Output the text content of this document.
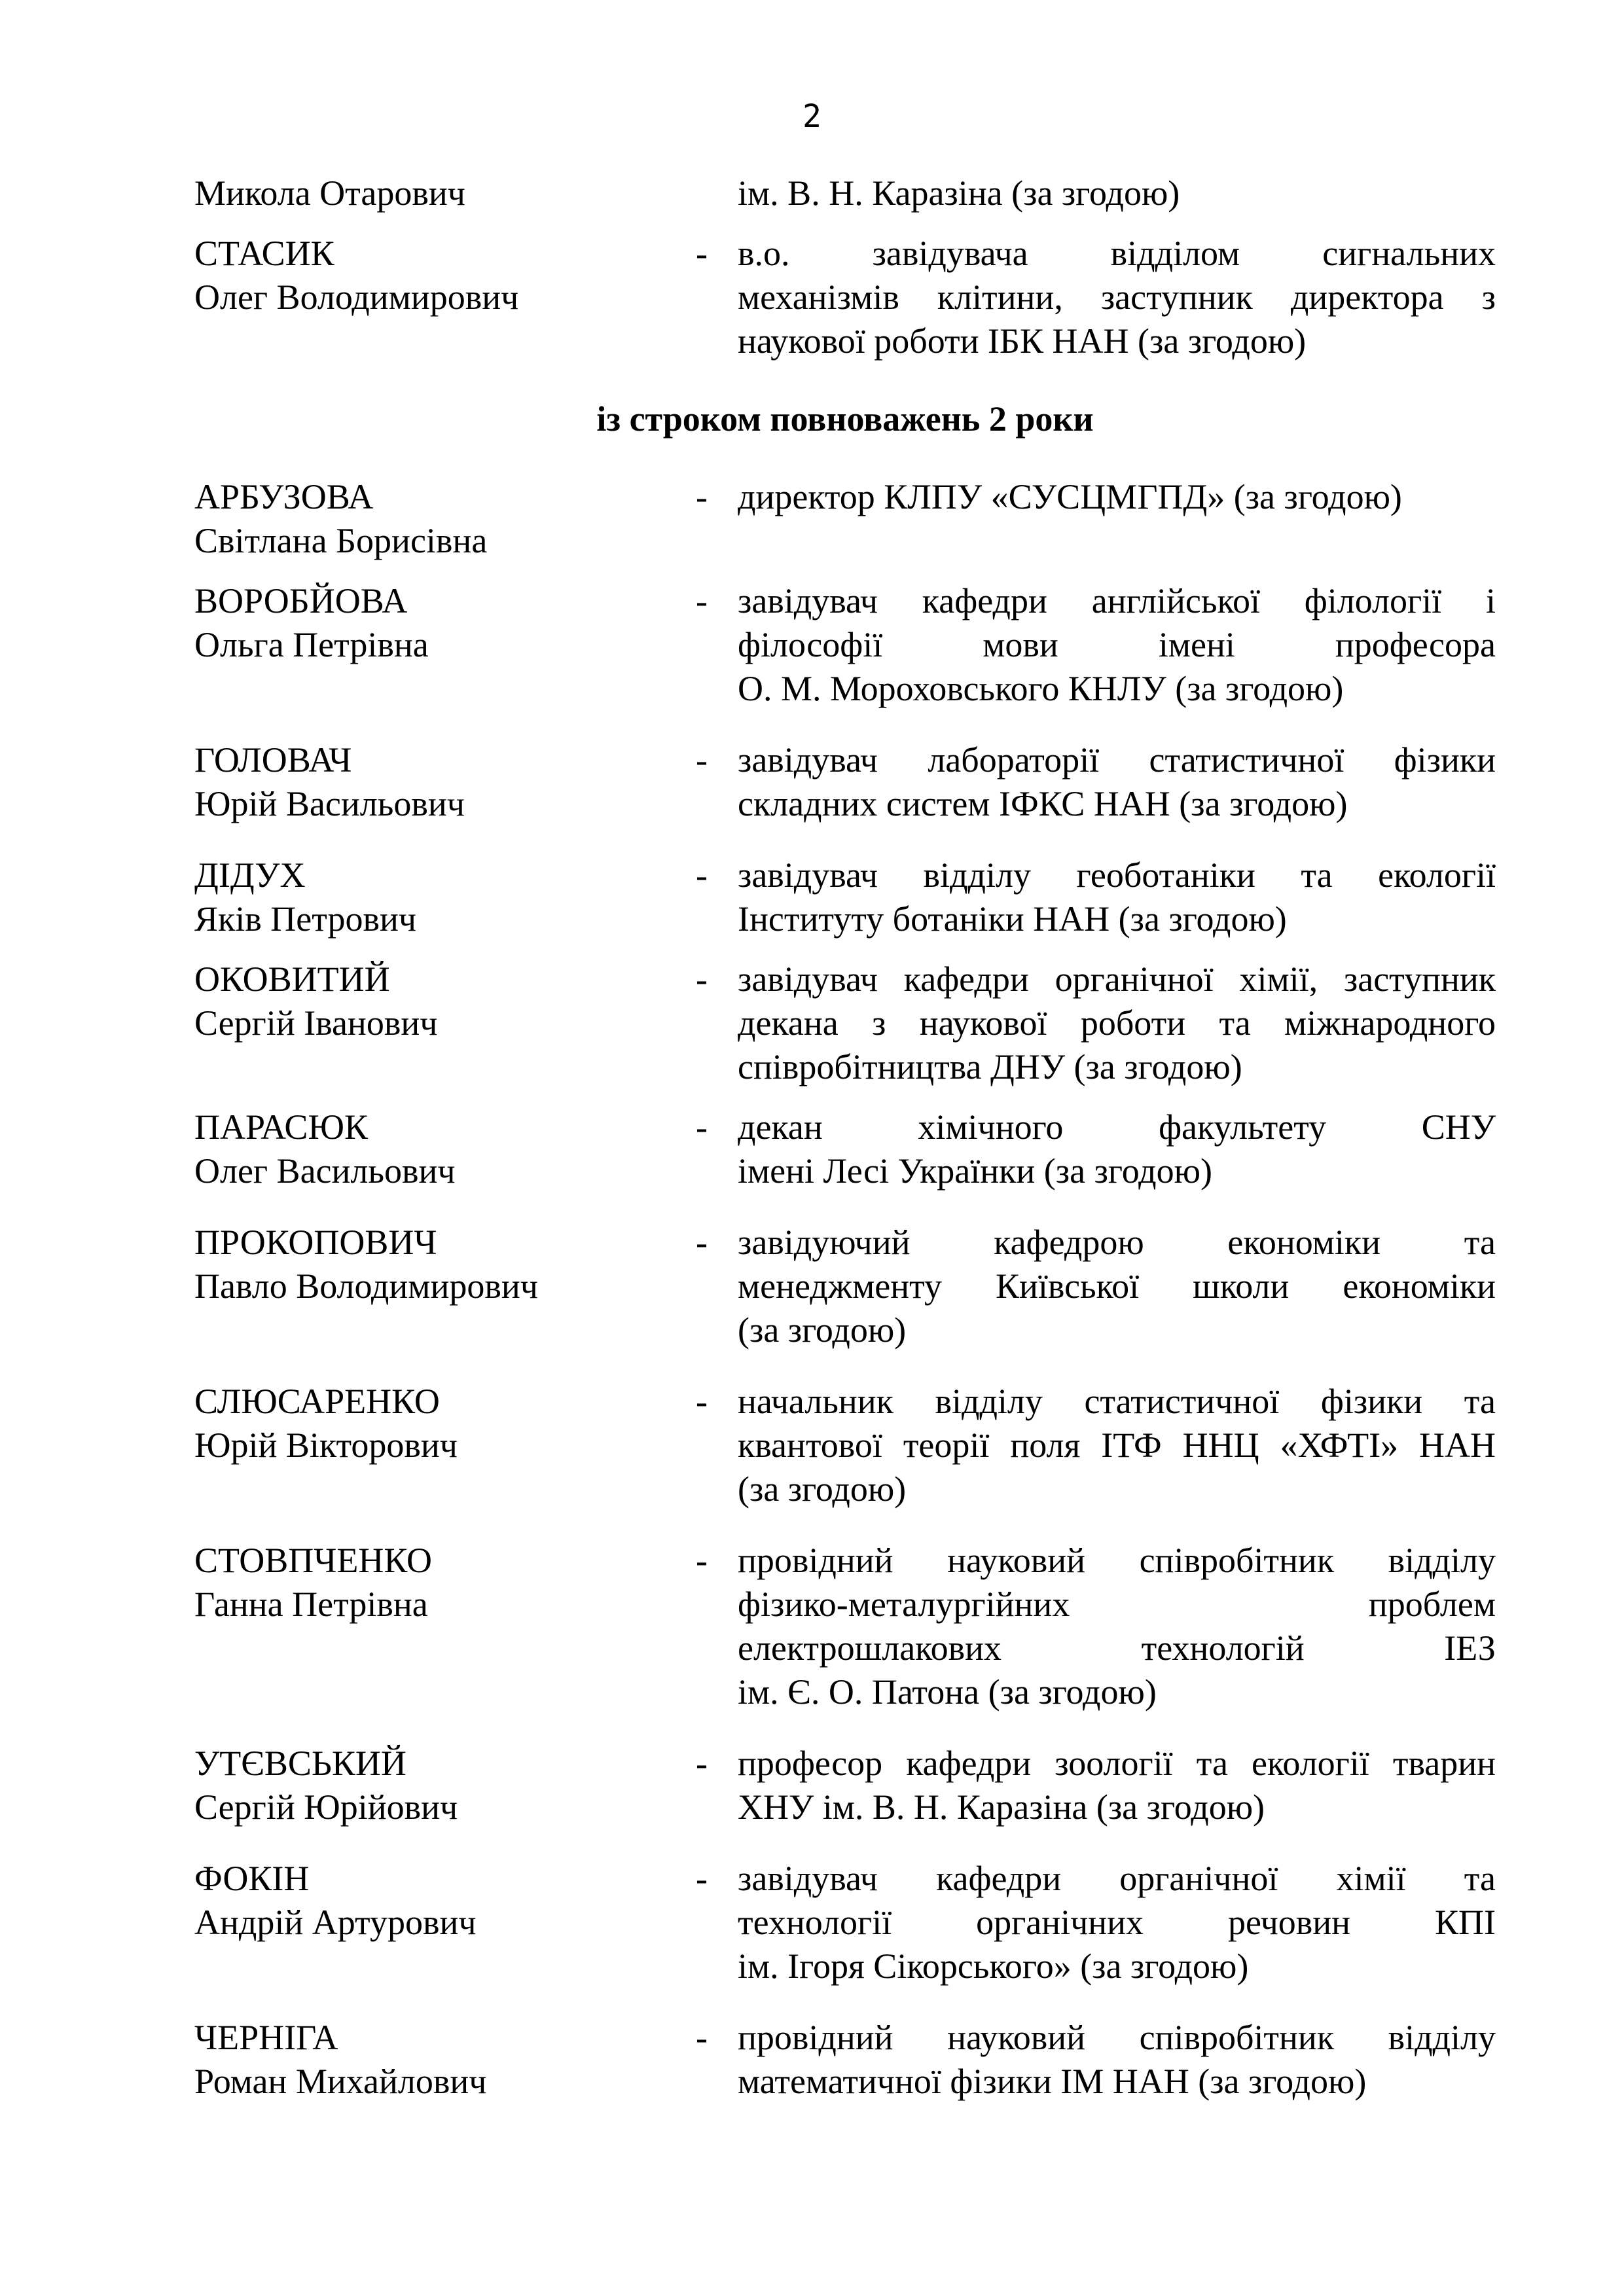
2
Микола Отарович	ім. В. Н. Каразіна (за згодою)
СТАСИК
Олег Володимирович
- в.о. завідувача відділом сигнальних
механізмів клітини, заступник директора з
наукової роботи ІБК НАН (за згодою)
із строком повноважень 2 роки
АРБУЗОВА
Світлана Борисівна
- директор КЛПУ «СУСЦМГПД» (за згодою)
ВОРОБЙОВА
Ольга Петрівна
- завідувач кафедри англійської філології і
філософії мови імені професора
О. М. Мороховського КНЛУ (за згодою)
ГОЛОВАЧ
Юрій Васильович
- завідувач лабораторії статистичної фізики
складних систем ІФКС НАН (за згодою)
ДІДУХ
Яків Петрович
- завідувач відділу геоботаніки та екології
Інституту ботаніки НАН (за згодою)
ОКОВИТИЙ
Сергій Іванович
- завідувач кафедри органічної хімії, заступник
декана з наукової роботи та міжнародного
співробітництва ДНУ (за згодою)
ПАРАСЮК
Олег Васильович
- декан хімічного факультету СНУ
імені Лесі Українки (за згодою)
ПРОКОПОВИЧ
Павло Володимирович
- завідуючий кафедрою економіки та
менеджменту Київської школи економіки
(за згодою)
СЛЮСАРЕНКО
Юрій Вікторович
- начальник відділу статистичної фізики та
квантової теорії поля ІТФ ННЦ «ХФТІ» НАН
(за згодою)
СТОВПЧЕНКО
Ганна Петрівна
- провідний науковий співробітник відділу
фізико-металургійних проблем
електрошлакових технологій ІЕЗ
ім. Є. О. Патона (за згодою)
УТЄВСЬКИЙ
Сергій Юрійович
- професор кафедри зоології та екології тварин
ХНУ ім. В. Н. Каразіна (за згодою)
ФОКІН
Андрій Артурович
- завідувач кафедри органічної хімії та
технології органічних речовин КПІ
ім. Ігоря Сікорського» (за згодою)
ЧЕРНІГА
Роман Михайлович
- провідний науковий співробітник відділу
математичної фізики ІМ НАН (за згодою)
